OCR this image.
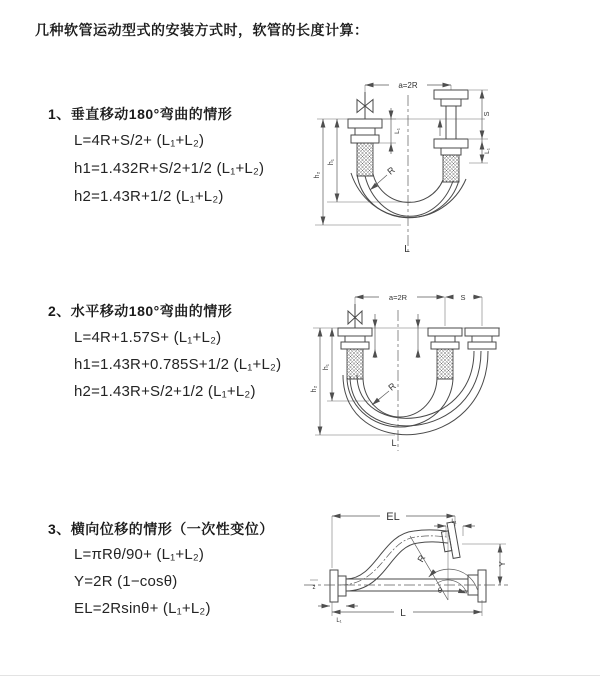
几种软管运动型式的安装方式时，软管的长度计算：
1、垂直移动180°弯曲的情形
L=4R+S/2+ (L₁+L₂)
h1=1.432R+S/2+1/2 (L₁+L₂)
h2=1.43R+1/2 (L₁+L₂)
2、水平移动180°弯曲的情形
L=4R+1.57S+ (L₁+L₂)
h1=1.43R+0.785S+1/2 (L₁+L₂)
h2=1.43R+S/2+1/2 (L₁+L₂)
3、横向位移的情形（一次性变位）
L=πRθ/90+ (L₁+L₂)
Y=2R (1−cosθ)
EL=2Rsinθ+ (L₁+L₂)
a=2R
L₁
S
L₁
h₁
h₂	R
L
a=2R	S
h₁
h₂	R
L
EL	L₁
Y
R
θ
z
L
L₁
